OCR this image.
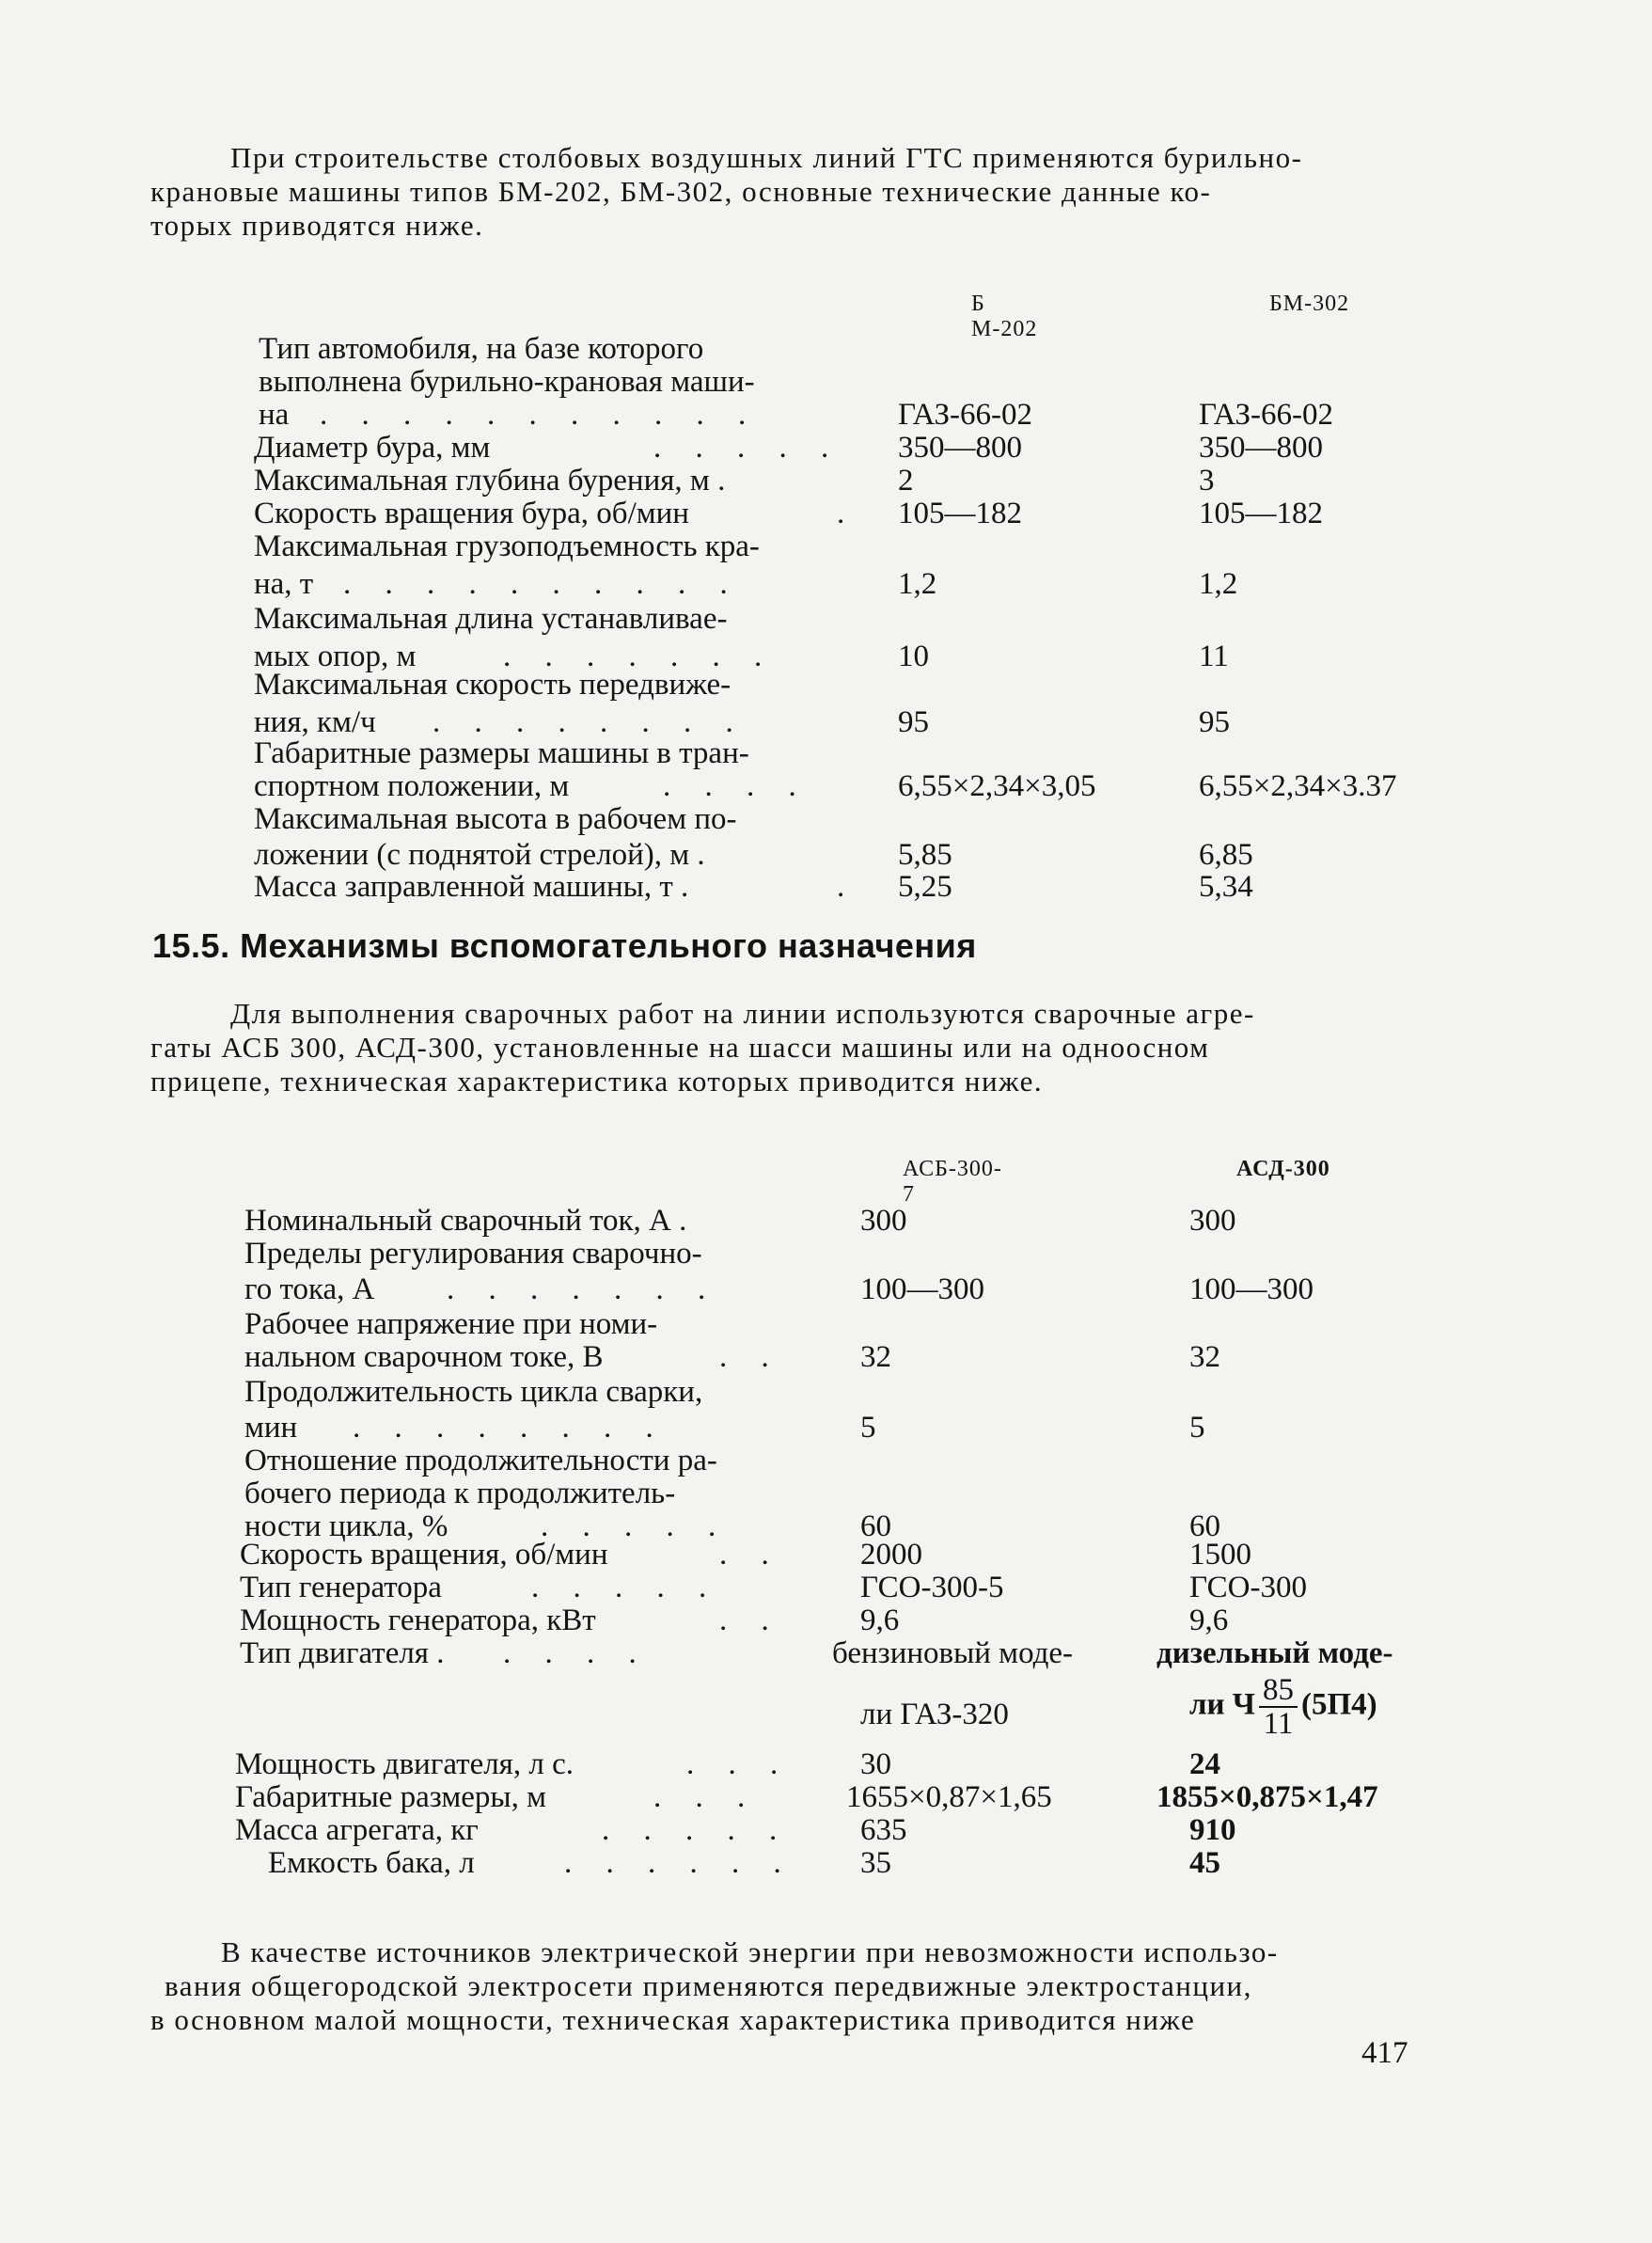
При строительстве столбовых воздушных линий ГТС применяются бурильно-
крановые машины типов БМ-202, БМ-302, основные технические данные ко-
торых приводятся ниже.
Б М-202
БМ-302
Тип автомобиля, на базе которого
выполнена бурильно-крановая маши-
на . . . . . . . . . . .	ГАЗ-66-02	ГАЗ-66-02
Диаметр бура, мм	. . . . . 350—800	350—800
Максимальная глубина бурения, м .	2	3
Скорость вращения бура, об/мин	. 105—182	105—182
Максимальная грузоподъемность кра-
на, т . . . . . . . . . .	1,2	1,2
Максимальная длина устанавливае-
мых опор, м	. . . . . . .	10	11
Максимальная скорость передвиже-
ния, км/ч . . . . . . . .	95	95
Габаритные размеры машины в тран-
спортном положении, м	. . . .	6,55×2,34×3,05	6,55×2,34×3.37
Максимальная высота в рабочем по-
ложении (с поднятой стрелой), м .	5,85	6,85
Масса заправленной машины, т .	. 5,25	5,34
15.5. Механизмы вспомогательного назначения
Для выполнения сварочных работ на линии используются сварочные агре-
гаты АСБ 300, АСД-300, установленные на шасси машины или на одноосном
прицепе, техническая характеристика которых приводится ниже.
АСБ-300-7
АСД-300
Номинальный сварочный ток, А .	300	300
Пределы регулирования сварочно-
го тока, А . . . . . . .	100—300	100—300
Рабочее напряжение при номи-
нальном сварочном токе, В	. .	32	32
Продолжительность цикла сварки,
мин . . . . . . . .	5	5
Отношение продолжительности ра-
бочего периода к продолжитель-
ности цикла, %	. . . . .	60	60
Скорость вращения, об/мин	. .	2000	1500
Тип генератора	. . . . .	ГСО-300-5	ГСО-300
Мощность генератора, кВт	. .	9,6	9,6
Тип двигателя . . . . .	бензиновый моде-	дизельный моде-
ли ГАЗ-320	ли Ч $\frac{85}{11} (5П4)$
Мощность двигателя, л с.	. . . 30	24
Габаритные размеры, м	. . .	1655×0,87×1,65	1855×0,875×1,47
Масса агрегата, кг	. . . . . 635	910
Емкость бака, л	. . . . . . 35	45
В качестве источников электрической энергии при невозможности использо-
вания общегородской электросети применяются передвижные электростанции,
в основном малой мощности, техническая характеристика приводится ниже
417
